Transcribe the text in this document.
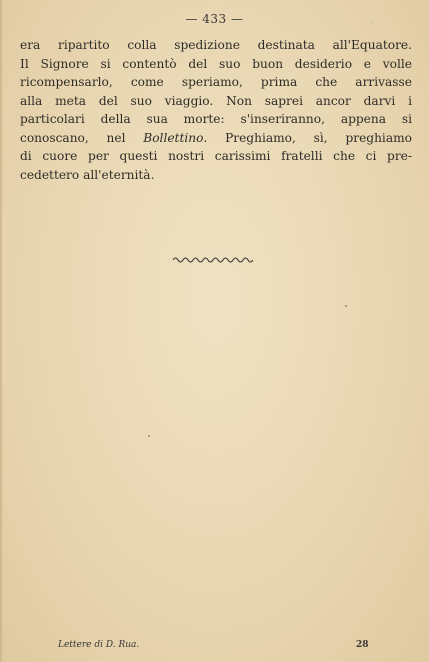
— 433 —
era ripartito colla spedizione destinata all'Equatore.
Il Signore si contentò del suo buon desiderio e volle
ricompensarlo, come speriamo, prima che arrivasse
alla meta del suo viaggio. Non saprei ancor darvi i
particolari della sua morte: s'inseriranno, appena si
conoscano, nel Bollettino. Preghiamo, sì, preghiamo
di cuore per questi nostri carissimi fratelli che ci pre-
cedettero all'eternità.
Lettere di D. Rua.	28
